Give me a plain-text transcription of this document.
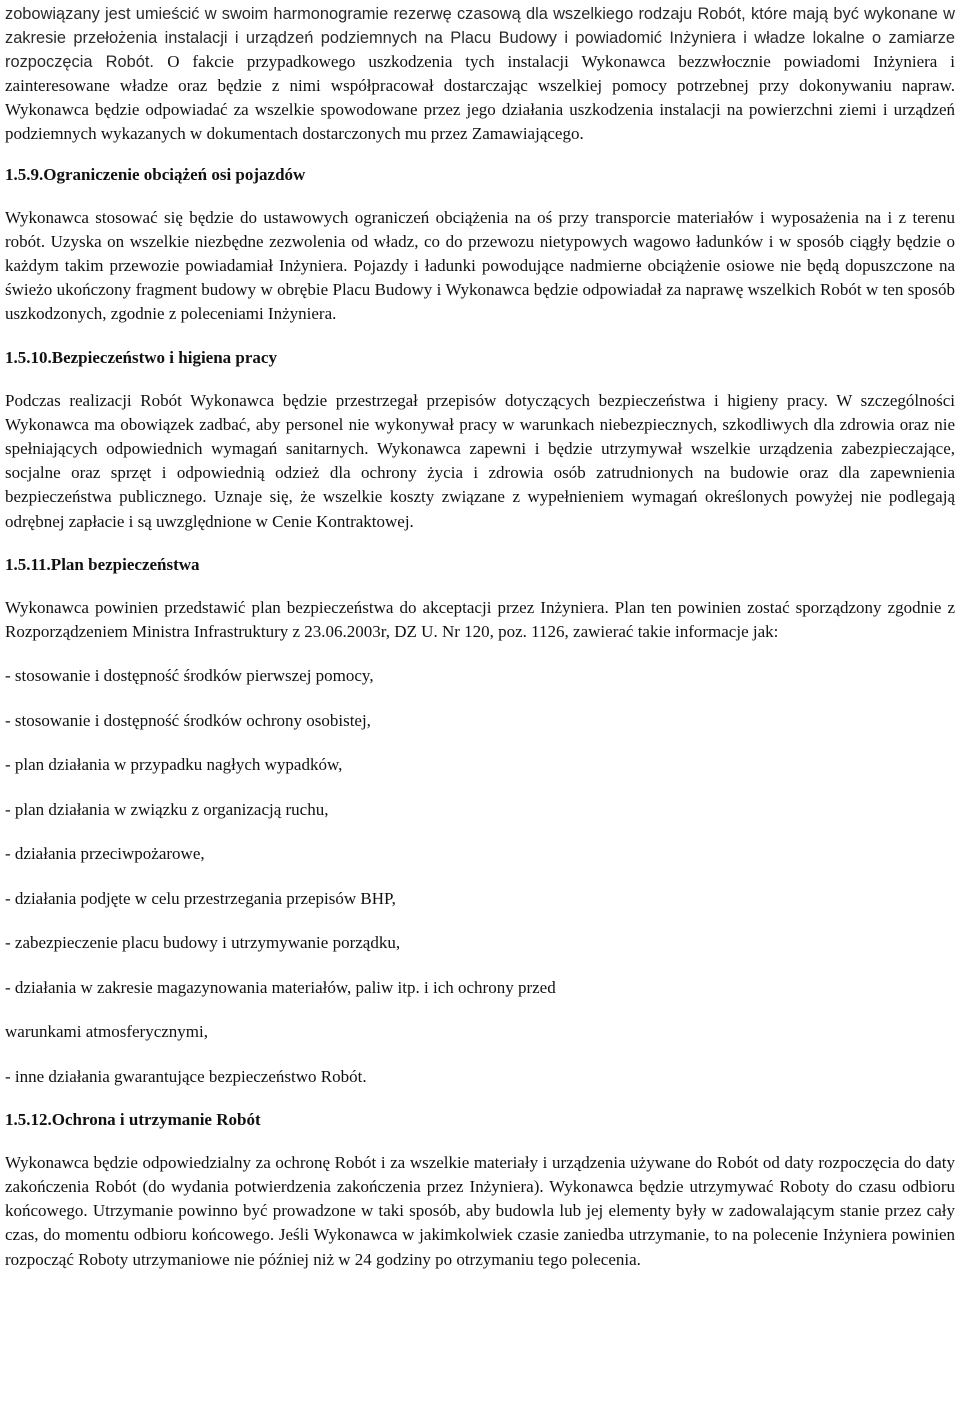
zobowiązany jest umieścić w swoim harmonogramie rezerwę czasową dla wszelkiego rodzaju Robót, które mają być wykonane w zakresie przełożenia instalacji i urządzeń podziemnych na Placu Budowy i powiadomić Inżyniera i władze lokalne o zamiarze rozpoczęcia Robót. O fakcie przypadkowego uszkodzenia tych instalacji Wykonawca bezzwłocznie powiadomi Inżyniera i zainteresowane władze oraz będzie z nimi współpracował dostarczając wszelkiej pomocy potrzebnej przy dokonywaniu napraw. Wykonawca będzie odpowiadać za wszelkie spowodowane przez jego działania uszkodzenia instalacji na powierzchni ziemi i urządzeń podziemnych wykazanych w dokumentach dostarczonych mu przez Zamawiającego.

1.5.9.Ograniczenie obciążeń osi pojazdów

Wykonawca stosować się będzie do ustawowych ograniczeń obciążenia na oś przy transporcie materiałów i wyposażenia na i z terenu robót. Uzyska on wszelkie niezbędne zezwolenia od władz, co do przewozu nietypowych wagowo ładunków i w sposób ciągły będzie o każdym takim przewozie powiadamiał Inżyniera. Pojazdy i ładunki powodujące nadmierne obciążenie osiowe nie będą dopuszczone na świeżo ukończony fragment budowy w obrębie Placu Budowy i Wykonawca będzie odpowiadał za naprawę wszelkich Robót w ten sposób uszkodzonych, zgodnie z poleceniami Inżyniera.

1.5.10.Bezpieczeństwo i higiena pracy

Podczas realizacji Robót Wykonawca będzie przestrzegał przepisów dotyczących bezpieczeństwa i higieny pracy. W szczególności Wykonawca ma obowiązek zadbać, aby personel nie wykonywał pracy w warunkach niebezpiecznych, szkodliwych dla zdrowia oraz nie spełniających odpowiednich wymagań sanitarnych. Wykonawca zapewni i będzie utrzymywał wszelkie urządzenia zabezpieczające, socjalne oraz sprzęt i odpowiednią odzież dla ochrony życia i zdrowia osób zatrudnionych na budowie oraz dla zapewnienia bezpieczeństwa publicznego. Uznaje się, że wszelkie koszty związane z wypełnieniem wymagań określonych powyżej nie podlegają odrębnej zapłacie i są uwzględnione w Cenie Kontraktowej.

1.5.11.Plan bezpieczeństwa

Wykonawca powinien przedstawić plan bezpieczeństwa do akceptacji przez Inżyniera. Plan ten powinien zostać sporządzony zgodnie z Rozporządzeniem Ministra Infrastruktury z 23.06.2003r, DZ U. Nr 120, poz. 1126, zawierać takie informacje jak:

- stosowanie i dostępność środków pierwszej pomocy,

- stosowanie i dostępność środków ochrony osobistej,

- plan działania w przypadku nagłych wypadków,

- plan działania w związku z organizacją ruchu,

- działania przeciwpożarowe,

- działania podjęte w celu przestrzegania przepisów BHP,

- zabezpieczenie placu budowy i utrzymywanie porządku,

- działania w zakresie magazynowania materiałów, paliw itp. i ich ochrony przed

warunkami atmosferycznymi,

- inne działania gwarantujące bezpieczeństwo Robót.

1.5.12.Ochrona i utrzymanie Robót

Wykonawca będzie odpowiedzialny za ochronę Robót i za wszelkie materiały i urządzenia używane do Robót od daty rozpoczęcia do daty zakończenia Robót (do wydania potwierdzenia zakończenia przez Inżyniera). Wykonawca będzie utrzymywać Roboty do czasu odbioru końcowego. Utrzymanie powinno być prowadzone w taki sposób, aby budowla lub jej elementy były w zadowalającym stanie przez cały czas, do momentu odbioru końcowego. Jeśli Wykonawca w jakimkolwiek czasie zaniedba utrzymanie, to na polecenie Inżyniera powinien rozpocząć Roboty utrzymaniowe nie później niż w 24 godziny po otrzymaniu tego polecenia.
